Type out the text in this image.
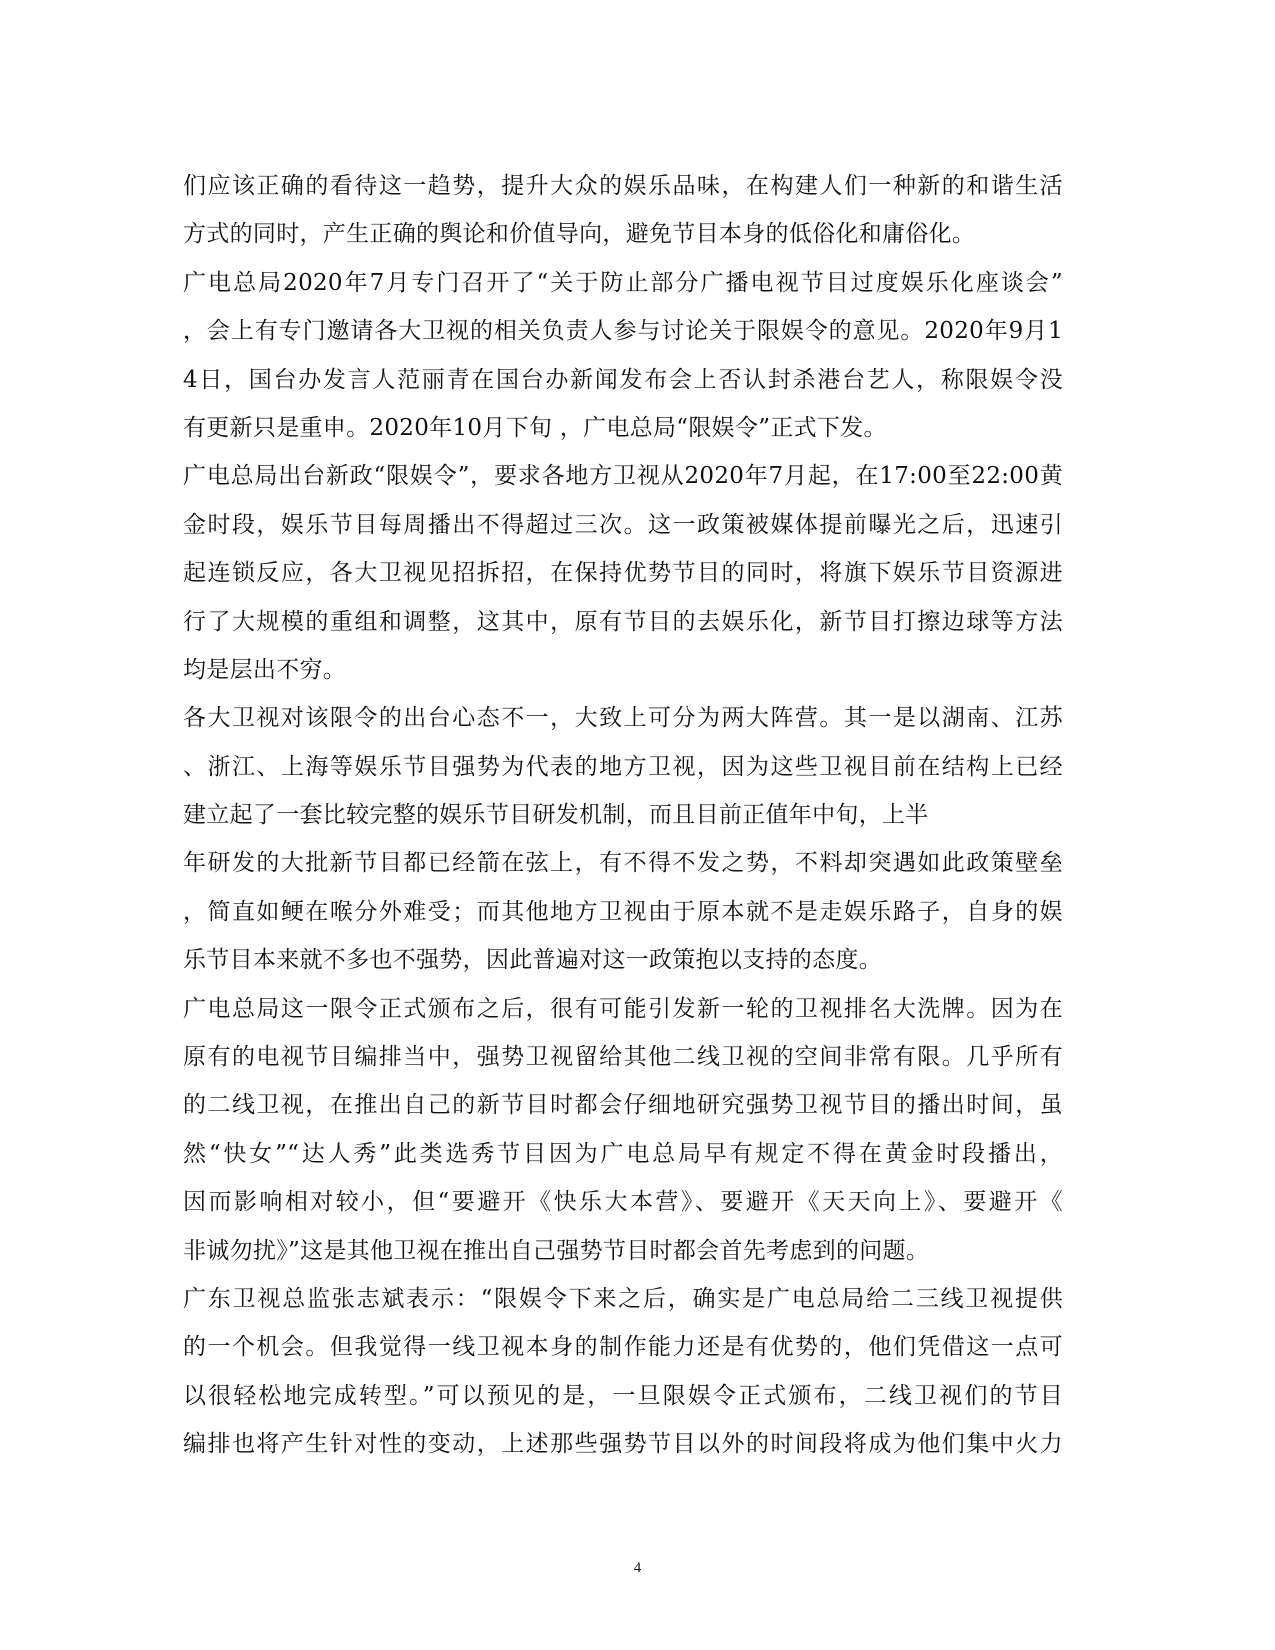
们应该正确的看待这一趋势，提升大众的娱乐品味，在构建人们一种新的和谐生活
方式的同时，产生正确的舆论和价值导向，避免节目本身的低俗化和庸俗化。
广电总局2020年7月专门召开了“关于防止部分广播电视节目过度娱乐化座谈会”
，会上有专门邀请各大卫视的相关负责人参与讨论关于限娱令的意见。2020年9月1
4日，国台办发言人范丽青在国台办新闻发布会上否认封杀港台艺人，称限娱令没
有更新只是重申。2020年10月下旬 ，广电总局“限娱令”正式下发。
广电总局出台新政“限娱令”，要求各地方卫视从2020年7月起，在17:00至22:00黄
金时段，娱乐节目每周播出不得超过三次。这一政策被媒体提前曝光之后，迅速引
起连锁反应，各大卫视见招拆招，在保持优势节目的同时，将旗下娱乐节目资源进
行了大规模的重组和调整，这其中，原有节目的去娱乐化，新节目打擦边球等方法
均是层出不穷。
各大卫视对该限令的出台心态不一，大致上可分为两大阵营。其一是以湖南、江苏
、浙江、上海等娱乐节目强势为代表的地方卫视，因为这些卫视目前在结构上已经
建立起了一套比较完整的娱乐节目研发机制，而且目前正值年中旬，上半
年研发的大批新节目都已经箭在弦上，有不得不发之势，不料却突遇如此政策壁垒
，简直如鲠在喉分外难受；而其他地方卫视由于原本就不是走娱乐路子，自身的娱
乐节目本来就不多也不强势，因此普遍对这一政策抱以支持的态度。
广电总局这一限令正式颁布之后，很有可能引发新一轮的卫视排名大洗牌。因为在
原有的电视节目编排当中，强势卫视留给其他二线卫视的空间非常有限。几乎所有
的二线卫视，在推出自己的新节目时都会仔细地研究强势卫视节目的播出时间，虽
然“快女”“达人秀”此类选秀节目因为广电总局早有规定不得在黄金时段播出，
因而影响相对较小，但“要避开《快乐大本营》、要避开《天天向上》、要避开《
非诚勿扰》”这是其他卫视在推出自己强势节目时都会首先考虑到的问题。
广东卫视总监张志斌表示：“限娱令下来之后，确实是广电总局给二三线卫视提供
的一个机会。但我觉得一线卫视本身的制作能力还是有优势的，他们凭借这一点可
以很轻松地完成转型。”可以预见的是，一旦限娱令正式颁布，二线卫视们的节目
编排也将产生针对性的变动，上述那些强势节目以外的时间段将成为他们集中火力
4
